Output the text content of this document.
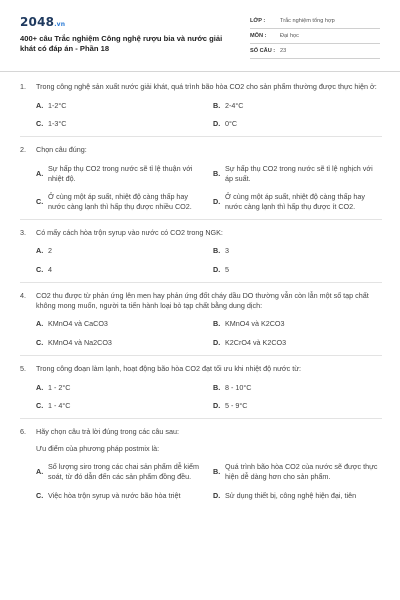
2048.vn
400+ câu Trắc nghiệm Công nghệ rượu bia và nước giải khát có đáp án - Phần 18
LỚP :	Trắc nghiệm tổng hợp
MÔN :	Đại học
SỐ CÂU : 23
1.	Trong công nghệ sản xuất nước giải khát, quá trình bão hòa CO2 cho sản phẩm thường được thực hiện ở:
A. 1-2°C	B. 2-4°C
C. 1-3°C	D. 0°C
2.	Chọn câu đúng:
A.
Sự hấp thụ CO2 trong nước sẽ tỉ lệ thuận với nhiệt độ.
B.
Sự hấp thụ CO2 trong nước sẽ tỉ lệ nghịch với áp suất.
C.
Ở cùng một áp suất, nhiệt độ càng thấp hay nước càng lạnh thì hấp thụ được nhiều CO2.
D.
Ở cùng một áp suất, nhiệt độ càng thấp hay nước càng lạnh thì hấp thụ được ít CO2.
3.	Có mấy cách hòa trộn syrup vào nước có CO2 trong NGK:
A. 2	B. 3
C. 4	D. 5
4.	CO2 thu được từ phản ứng lên men hay phản ứng đốt cháy dầu DO thường vẫn còn lẫn một số tạp chất không mong muốn, người ta tiến hành loại bỏ tạp chất bằng dung dịch:
A. KMnO4 và CaCO3	B. KMnO4 và K2CO3
C. KMnO4 và Na2CO3	D. K2CrO4 và K2CO3
5.	Trong công đoạn làm lạnh, hoạt động bão hòa CO2 đạt tối ưu khi nhiệt độ nước từ:
A. 1 - 2°C	B. 8 - 10°C
C. 1 - 4°C	D. 5 - 9°C
6.	Hãy chọn câu trả lời đúng trong các câu sau:
Ưu điểm của phương pháp postmix là:
A.
Số lượng siro trong các chai sản phẩm dễ kiểm soát, từ đó dẫn đến các sản phẩm đồng đều.
B.
Quá trình bão hòa CO2 của nước sẽ được thực hiện dễ dàng hơn cho sản phẩm.
C. Việc hòa trộn syrup và nước bão hòa triệt	D. Sử dụng thiết bị, công nghệ hiện đại, tiên
